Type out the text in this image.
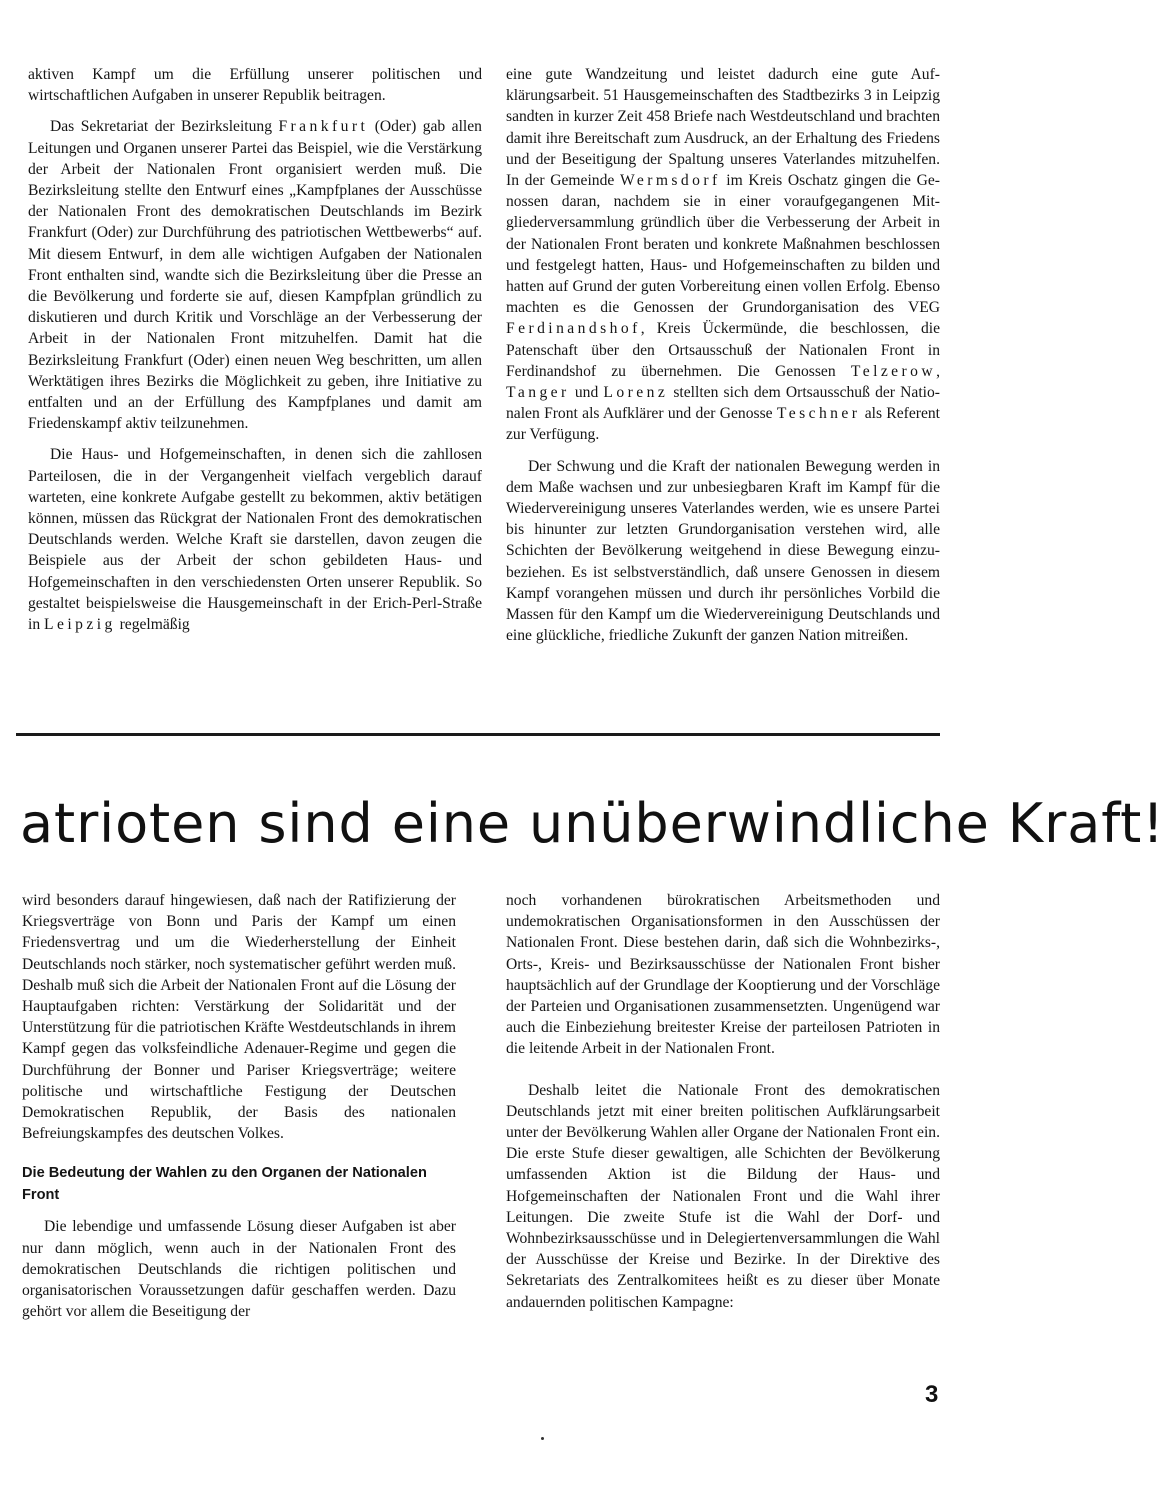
aktiven Kampf um die Erfüllung unserer politischen und wirtschaftlichen Aufgaben in unserer Republik beitragen.

Das Sekretariat der Bezirksleitung Frankfurt (Oder) gab allen Leitungen und Organen unserer Partei das Beispiel, wie die Verstärkung der Arbeit der Nationalen Front organisiert werden muß. Die Bezirksleitung stellte den Entwurf eines „Kampfplanes der Ausschüsse der Nationalen Front des demokratischen Deutschlands im Bezirk Frankfurt (Oder) zur Durchführung des patriotischen Wettbewerbs“ auf. Mit diesem Entwurf, in dem alle wichtigen Aufgaben der Nationalen Front enthalten sind, wandte sich die Bezirksleitung über die Presse an die Bevölkerung und forderte sie auf, diesen Kampfplan gründlich zu diskutieren und durch Kritik und Vorschläge an der Verbesserung der Arbeit in der Nationalen Front mitzuhelfen. Damit hat die Bezirksleitung Frankfurt (Oder) einen neuen Weg beschritten, um allen Werktätigen ihres Bezirks die Möglichkeit zu geben, ihre Initiative zu entfalten und an der Erfüllung des Kampfplanes und damit am Friedenskampf aktiv teilzunehmen.

Die Haus- und Hofgemeinschaften, in denen sich die zahllosen Parteilosen, die in der Vergangenheit vielfach vergeblich darauf warteten, eine konkrete Aufgabe gestellt zu bekommen, aktiv betätigen können, müssen das Rückgrat der Nationalen Front des demokratischen Deutschlands werden. Welche Kraft sie darstellen, davon zeugen die Beispiele aus der Arbeit der schon gebildeten Haus- und Hofgemeinschaften in den verschiedensten Orten unserer Republik. So gestaltet beispielsweise die Hausgemeinschaft in der Erich-Perl-Straße in Leipzig regelmäßig

eine gute Wandzeitung und leistet dadurch eine gute Aufklärungsarbeit. 51 Hausgemeinschaften des Stadtbezirks 3 in Leipzig sandten in kurzer Zeit 458 Briefe nach Westdeutschland und brachten damit ihre Bereitschaft zum Ausdruck, an der Erhaltung des Friedens und der Beseitigung der Spaltung unseres Vaterlandes mitzuhelfen. In der Gemeinde Wermsdorf im Kreis Oschatz gingen die Genossen daran, nachdem sie in einer voraufgegangenen Mitgliederversammlung gründlich über die Verbesserung der Arbeit in der Nationalen Front beraten und konkrete Maßnahmen beschlossen und festgelegt hatten, Haus- und Hofgemeinschaften zu bilden und hatten auf Grund der guten Vorbereitung einen vollen Erfolg. Ebenso machten es die Genossen der Grundorganisation des VEG Ferdinandshof, Kreis Ückermünde, die beschlossen, die Patenschaft über den Ortsausschuß der Nationalen Front in Ferdinandshof zu übernehmen. Die Genossen Telzerow, Tanger und Lorenz stellten sich dem Ortsausschuß der Nationalen Front als Aufklärer und der Genosse Teschner als Referent zur Verfügung.

Der Schwung und die Kraft der nationalen Bewegung werden in dem Maße wachsen und zur unbesiegbaren Kraft im Kampf für die Wiedervereinigung unseres Vaterlandes werden, wie es unsere Partei bis hinunter zur letzten Grundorganisation verstehen wird, alle Schichten der Bevölkerung weitgehend in diese Bewegung einzubeziehen. Es ist selbstverständlich, daß unsere Genossen in diesem Kampf vorangehen müssen und durch ihr persönliches Vorbild die Massen für den Kampf um die Wiedervereinigung Deutschlands und eine glückliche, friedliche Zukunft der ganzen Nation mitreißen.

atrioten sind eine unüberwindliche Kraft!

wird besonders darauf hingewiesen, daß nach der Ratifizierung der Kriegsverträge von Bonn und Paris der Kampf um einen Friedensvertrag und um die Wiederherstellung der Einheit Deutschlands noch stärker, noch systematischer geführt werden muß. Deshalb muß sich die Arbeit der Nationalen Front auf die Lösung der Hauptaufgaben richten: Verstärkung der Solidarität und der Unterstützung für die patriotischen Kräfte Westdeutschlands in ihrem Kampf gegen das volksfeindliche Adenauer-Regime und gegen die Durchführung der Bonner und Pariser Kriegsverträge; weitere politische und wirtschaftliche Festigung der Deutschen Demokratischen Republik, der Basis des nationalen Befreiungskampfes des deutschen Volkes.

Die Bedeutung der Wahlen zu den Organen der Nationalen Front

Die lebendige und umfassende Lösung dieser Aufgaben ist aber nur dann möglich, wenn auch in der Nationalen Front des demokratischen Deutschlands die richtigen politischen und organisatorischen Voraussetzungen dafür geschaffen werden. Dazu gehört vor allem die Beseitigung der

noch vorhandenen bürokratischen Arbeitsmethoden und undemokratischen Organisationsformen in den Ausschüssen der Nationalen Front. Diese bestehen darin, daß sich die Wohnbezirks-, Orts-, Kreis- und Bezirksausschüsse der Nationalen Front bisher hauptsächlich auf der Grundlage der Kooptierung und der Vorschläge der Parteien und Organisationen zusammensetzten. Ungenügend war auch die Einbeziehung breitester Kreise der parteilosen Patrioten in die leitende Arbeit in der Nationalen Front.

Deshalb leitet die Nationale Front des demokratischen Deutschlands jetzt mit einer breiten politischen Aufklärungsarbeit unter der Bevölkerung Wahlen aller Organe der Nationalen Front ein. Die erste Stufe dieser gewaltigen, alle Schichten der Bevölkerung umfassenden Aktion ist die Bildung der Haus- und Hofgemeinschaften der Nationalen Front und die Wahl ihrer Leitungen. Die zweite Stufe ist die Wahl der Dorf- und Wohnbezirksausschüsse und in Delegiertenversammlungen die Wahl der Ausschüsse der Kreise und Bezirke. In der Direktive des Sekretariats des Zentralkomitees heißt es zu dieser über Monate andauernden politischen Kampagne:

3
